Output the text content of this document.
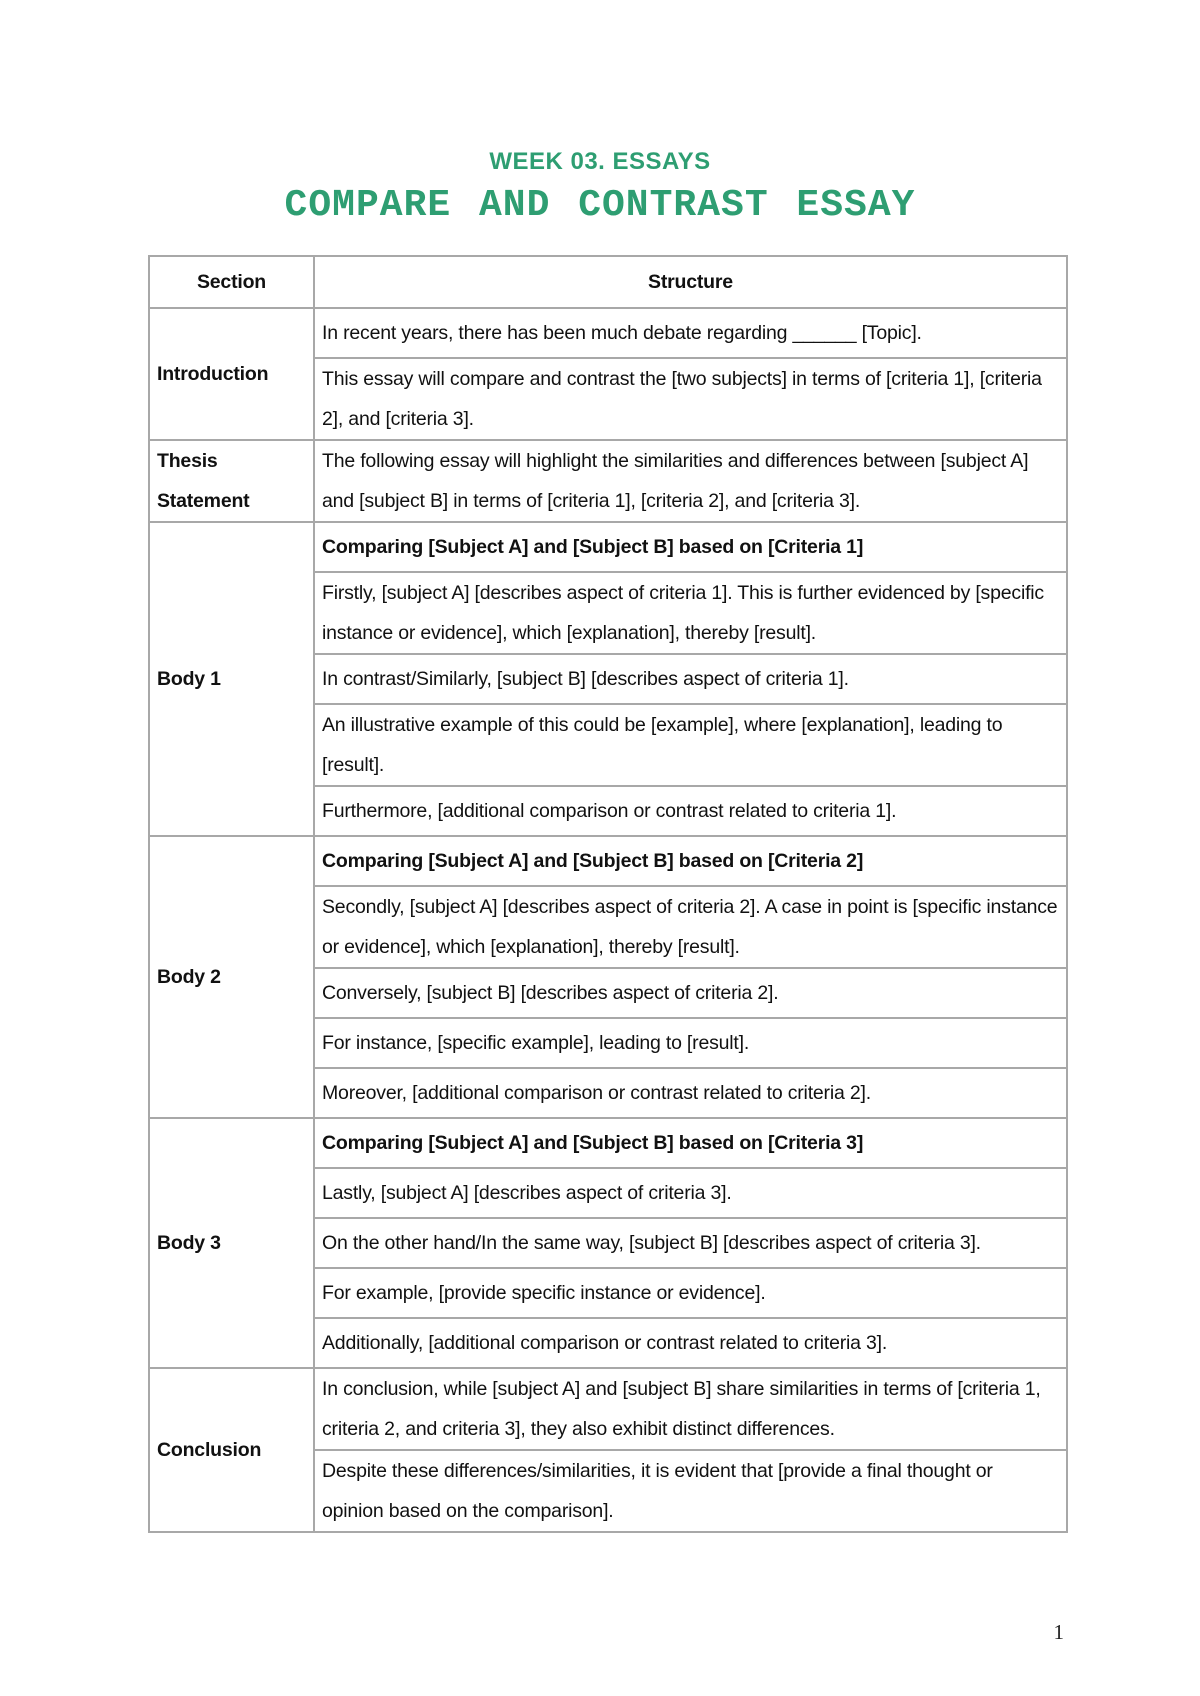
WEEK 03. ESSAYS
COMPARE AND CONTRAST ESSAY
Section	Structure
Introduction	In recent years, there has been much debate regarding ______ [Topic].
	This essay will compare and contrast the [two subjects] in terms of [criteria 1], [criteria 2], and [criteria 3].
Thesis Statement	The following essay will highlight the similarities and differences between [subject A] and [subject B] in terms of [criteria 1], [criteria 2], and [criteria 3].
Body 1	Comparing [Subject A] and [Subject B] based on [Criteria 1]
	Firstly, [subject A] [describes aspect of criteria 1]. This is further evidenced by [specific instance or evidence], which [explanation], thereby [result].
	In contrast/Similarly, [subject B] [describes aspect of criteria 1].
	An illustrative example of this could be [example], where [explanation], leading to [result].
	Furthermore, [additional comparison or contrast related to criteria 1].
Body 2	Comparing [Subject A] and [Subject B] based on [Criteria 2]
	Secondly, [subject A] [describes aspect of criteria 2]. A case in point is [specific instance or evidence], which [explanation], thereby [result].
	Conversely, [subject B] [describes aspect of criteria 2].
	For instance, [specific example], leading to [result].
	Moreover, [additional comparison or contrast related to criteria 2].
Body 3	Comparing [Subject A] and [Subject B] based on [Criteria 3]
	Lastly, [subject A] [describes aspect of criteria 3].
	On the other hand/In the same way, [subject B] [describes aspect of criteria 3].
	For example, [provide specific instance or evidence].
	Additionally, [additional comparison or contrast related to criteria 3].
Conclusion	In conclusion, while [subject A] and [subject B] share similarities in terms of [criteria 1, criteria 2, and criteria 3], they also exhibit distinct differences.
	Despite these differences/similarities, it is evident that [provide a final thought or opinion based on the comparison].
1
